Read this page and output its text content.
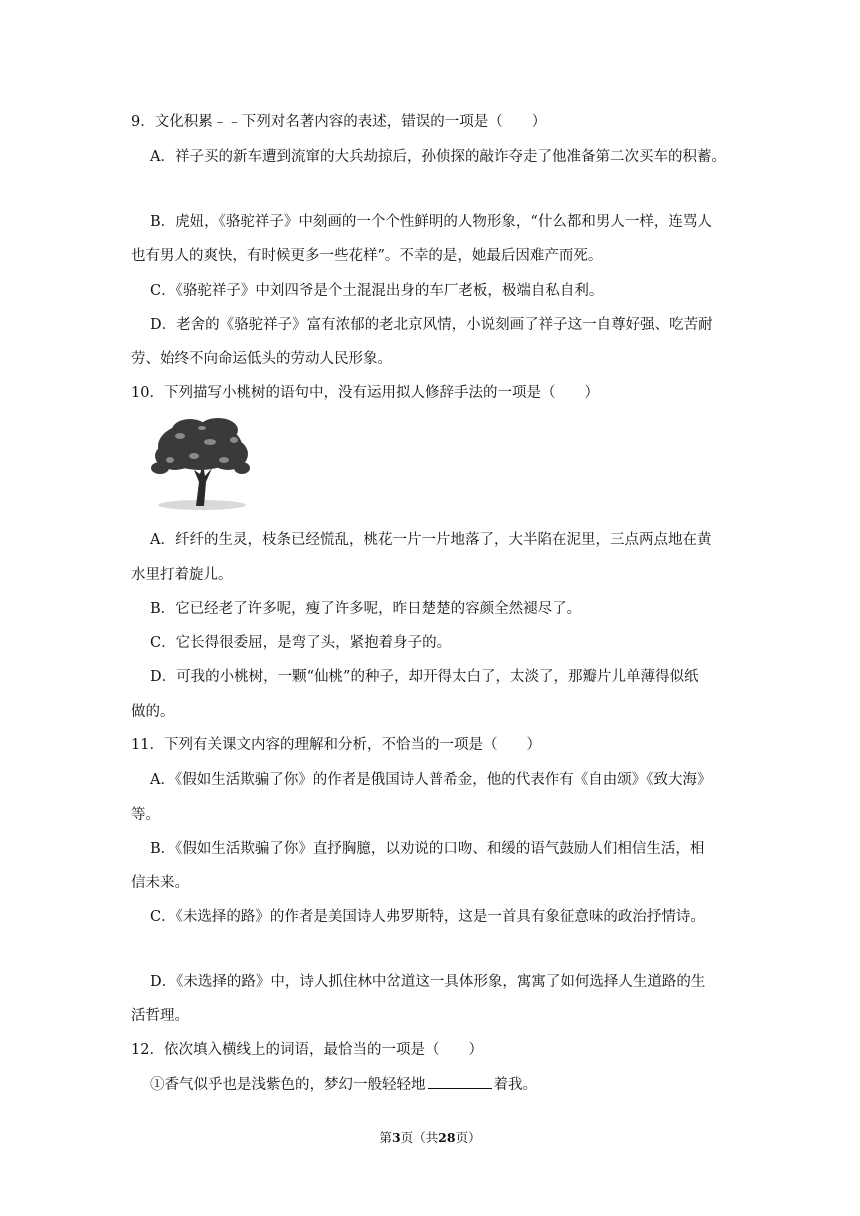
9．文化积累﹣﹣下列对名著内容的表述，错误的一项是（　　）
A．祥子买的新车遭到流窜的大兵劫掠后，孙侦探的敲诈夺走了他准备第二次买车的积蓄。
B．虎妞，《骆驼祥子》中刻画的一个个性鲜明的人物形象，“什么都和男人一样，连骂人
也有男人的爽快，有时候更多一些花样”。不幸的是，她最后因难产而死。
C．《骆驼祥子》中刘四爷是个土混混出身的车厂老板，极端自私自利。
D．老舍的《骆驼祥子》富有浓郁的老北京风情，小说刻画了祥子这一自尊好强、吃苦耐
劳、始终不向命运低头的劳动人民形象。
10．下列描写小桃树的语句中，没有运用拟人修辞手法的一项是（　　）
A．纤纤的生灵，枝条已经慌乱，桃花一片一片地落了，大半陷在泥里，三点两点地在黄
水里打着旋儿。
B．它已经老了许多呢，瘦了许多呢，昨日楚楚的容颜全然褪尽了。
C．它长得很委屈，是弯了头，紧抱着身子的。
D．可我的小桃树，一颗“仙桃”的种子，却开得太白了，太淡了，那瓣片儿单薄得似纸
做的。
11．下列有关课文内容的理解和分析，不恰当的一项是（　　）
A．《假如生活欺骗了你》的作者是俄国诗人普希金，他的代表作有《自由颂》《致大海》
等。
B．《假如生活欺骗了你》直抒胸臆，以劝说的口吻、和缓的语气鼓励人们相信生活，相
信未来。
C．《未选择的路》的作者是美国诗人弗罗斯特，这是一首具有象征意味的政治抒情诗。
D．《未选择的路》中，诗人抓住林中岔道这一具体形象，寓寓了如何选择人生道路的生
活哲理。
12．依次填入横线上的词语，最恰当的一项是（　　）
①香气似乎也是浅紫色的，梦幻一般轻轻地	着我。
第3页（共28页）
